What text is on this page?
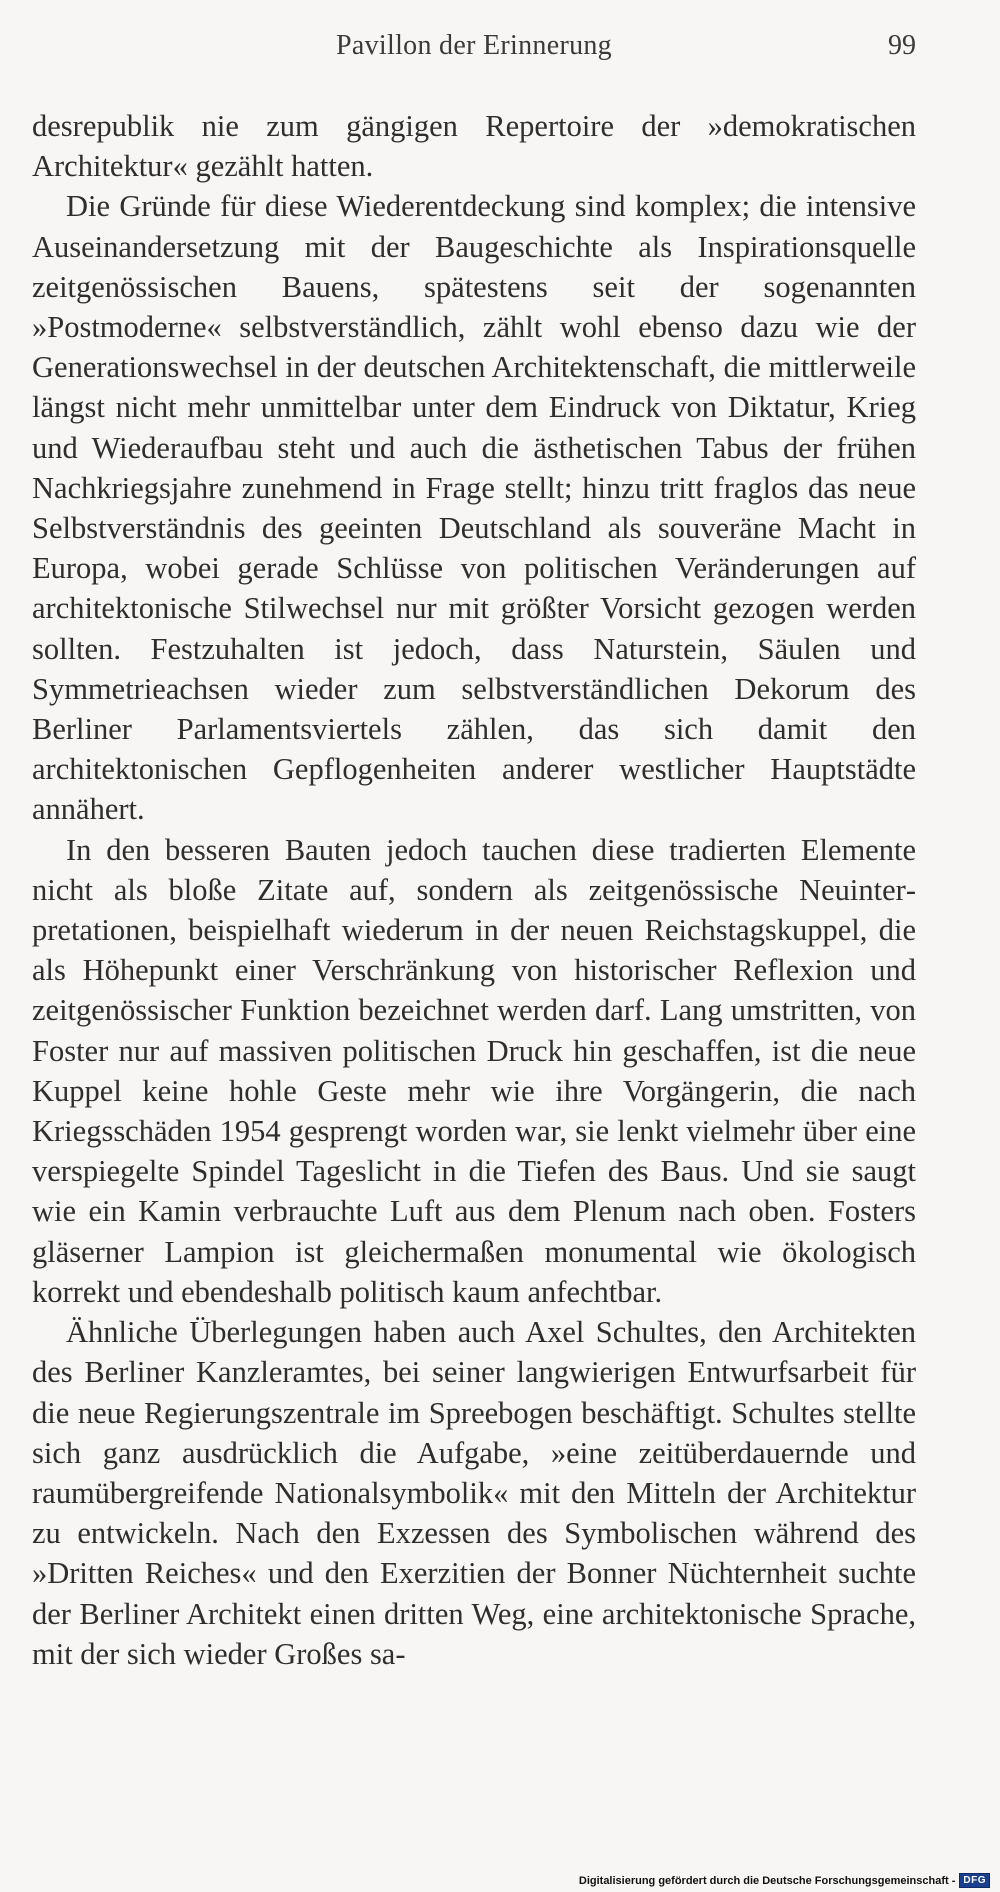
Pavillon der Erinnerung	99

desrepublik nie zum gängigen Repertoire der »demokratischen Architektur« gezählt hatten.

Die Gründe für diese Wiederentdeckung sind komplex; die intensive Auseinandersetzung mit der Baugeschichte als Inspirationsquelle zeitgenössischen Bauens, spätestens seit der sogenannten »Postmoderne« selbstverständlich, zählt wohl ebenso dazu wie der Generationswechsel in der deutschen Architektenschaft, die mittlerweile längst nicht mehr unmittelbar unter dem Eindruck von Diktatur, Krieg und Wiederaufbau steht und auch die ästhetischen Tabus der frühen Nachkriegsjahre zunehmend in Frage stellt; hinzu tritt fraglos das neue Selbstverständnis des geeinten Deutschland als souveräne Macht in Europa, wobei gerade Schlüsse von politischen Veränderungen auf architektonische Stilwechsel nur mit größter Vorsicht gezogen werden sollten. Festzuhalten ist jedoch, dass Naturstein, Säulen und Symmetrieachsen wieder zum selbstverständlichen Dekorum des Berliner Parlamentsviertels zählen, das sich damit den architektonischen Gepflogenheiten anderer westlicher Hauptstädte annähert.

In den besseren Bauten jedoch tauchen diese tradierten Elemente nicht als bloße Zitate auf, sondern als zeitgenössische Neuinterpretationen, beispielhaft wiederum in der neuen Reichstagskuppel, die als Höhepunkt einer Verschränkung von historischer Reflexion und zeitgenössischer Funktion bezeichnet werden darf. Lang umstritten, von Foster nur auf massiven politischen Druck hin geschaffen, ist die neue Kuppel keine hohle Geste mehr wie ihre Vorgängerin, die nach Kriegsschäden 1954 gesprengt worden war, sie lenkt vielmehr über eine verspiegelte Spindel Tageslicht in die Tiefen des Baus. Und sie saugt wie ein Kamin verbrauchte Luft aus dem Plenum nach oben. Fosters gläserner Lampion ist gleichermaßen monumental wie ökologisch korrekt und ebendeshalb politisch kaum anfechtbar.

Ähnliche Überlegungen haben auch Axel Schultes, den Architekten des Berliner Kanzleramtes, bei seiner langwierigen Entwurfsarbeit für die neue Regierungszentrale im Spreebogen beschäftigt. Schultes stellte sich ganz ausdrücklich die Aufgabe, »eine zeitüberdauernde und raumübergreifende Nationalsymbolik« mit den Mitteln der Architektur zu entwickeln. Nach den Exzessen des Symbolischen während des »Dritten Reiches« und den Exerzitien der Bonner Nüchternheit suchte der Berliner Architekt einen dritten Weg, eine architektonische Sprache, mit der sich wieder Großes sa-

Digitalisierung gefördert durch die Deutsche Forschungsgemeinschaft - DFG
